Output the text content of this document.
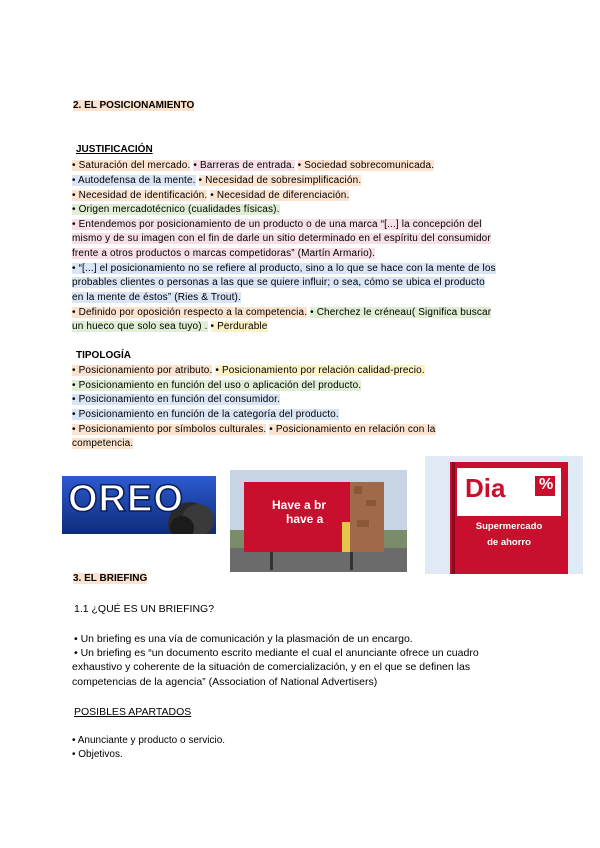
2. EL POSICIONAMIENTO
JUSTIFICACIÓN
• Saturación del mercado. • Barreras de entrada. • Sociedad sobrecomunicada.
• Autodefensa de la mente. • Necesidad de sobresimplificación.
• Necesidad de identificación. • Necesidad de diferenciación.
• Origen mercadotécnico (cualidades físicas).
• Entendemos por posicionamiento de un producto o de una marca “[...] la concepción del
mismo y de su imagen con el fin de darle un sitio determinado en el espíritu del consumidor
frente a otros productos o marcas competidoras” (Martín Armario).
• “[...] el posicionamiento no se refiere al producto, sino a lo que se hace con la mente de los
probables clientes o personas a las que se quiere influir; o sea, cómo se ubica el producto
en la mente de éstos” (Ries & Trout).
• Definido por oposición respecto a la competencia. • Cherchez le créneau( Significa buscar
un hueco que solo sea tuyo) . • Perdurable
TIPOLOGÍA
• Posicionamiento por atributo. • Posicionamiento por relación calidad-precio.
• Posicionamiento en función del uso o aplicación del producto.
• Posicionamiento en función del consumidor.
• Posicionamiento en función de la categoría del producto.
• Posicionamiento por símbolos culturales. • Posicionamiento en relación con la
competencia.
OREO	Have a br
have a
Dia %
Supermercado
de ahorro
3. EL BRIEFING
1.1 ¿QUÉ ES UN BRIEFING?
• Un briefing es una vía de comunicación y la plasmación de un encargo.
• Un briefing es “un documento escrito mediante el cual el anunciante ofrece un cuadro
exhaustivo y coherente de la situación de comercialización, y en el que se definen las
competencias de la agencia” (Association of National Advertisers)
POSIBLES APARTADOS
• Anunciante y producto o servicio.
• Objetivos.
